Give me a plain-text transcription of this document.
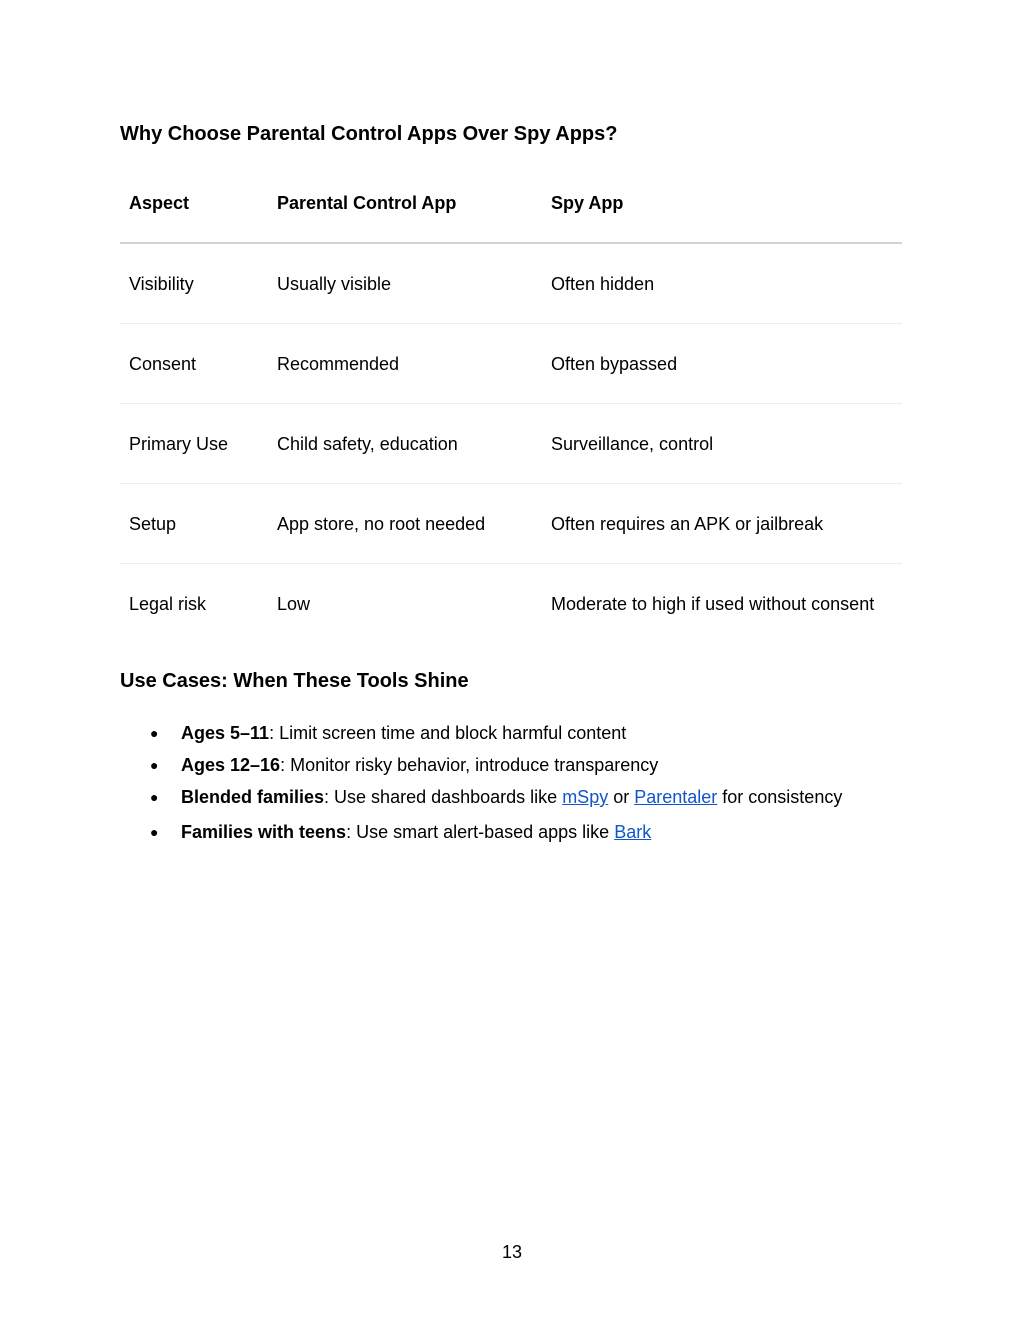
Why Choose Parental Control Apps Over Spy Apps?
Aspect	Parental Control App	Spy App
Visibility	Usually visible	Often hidden
Consent	Recommended	Often bypassed
Primary Use	Child safety, education	Surveillance, control
Setup	App store, no root needed	Often requires an APK or jailbreak
Legal risk	Low	Moderate to high if used without consent
Use Cases: When These Tools Shine
● Ages 5–11: Limit screen time and block harmful content
● Ages 12–16: Monitor risky behavior, introduce transparency
● Blended families: Use shared dashboards like mSpy or Parentaler for consistency
● Families with teens: Use smart alert-based apps like Bark
13
